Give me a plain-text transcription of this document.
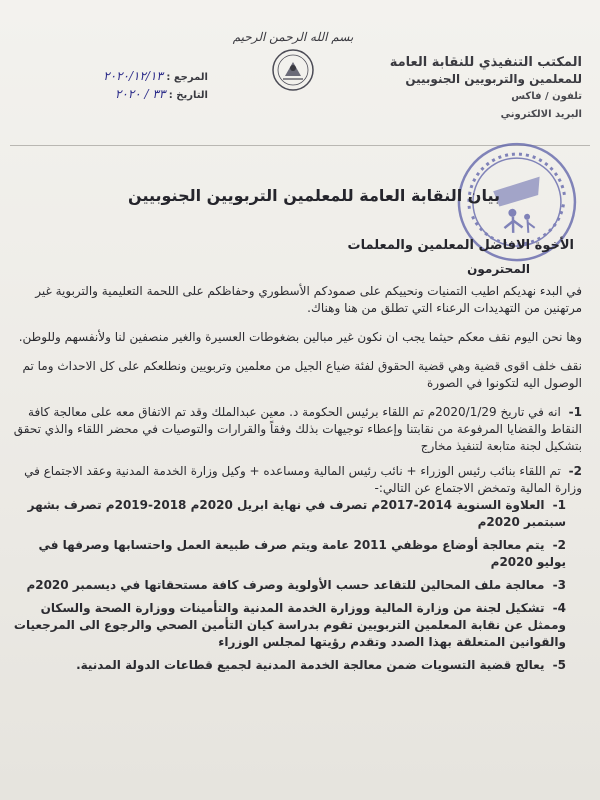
المكتب التنفيذي للنقابة العامة
للمعلمين والتربويين الجنوبيين
تلفون / فاكس
البريد الالكتروني
بسم الله الرحمن الرحيم
المرجع : ٢٠٢٠/١٢/١٣
التاريخ : ٣٣ / ٢٠٢٠
بيان النقابة العامة للمعلمين التربويين الجنوبيين
الأخوة الافاضل المعلمين والمعلمات
المحترمون

في البدء نهديكم اطيب التمنيات ونحييكم على صمودكم الأسطوري وحفاظكم على اللحمة التعليمية والتربوية غير مرتهنين من التهديدات الرعناء التي تطلق من هنا وهناك.

وها نحن اليوم نقف معكم حيثما يجب ان نكون غير مبالين بضغوطات العسيرة والغير منصفين لنا ولأنفسهم وللوطن.

نقف خلف اقوى قضية وهي قضية الحقوق لفئة ضياع الجيل من معلمين وتربويين ونطلعكم على كل الاحداث وما تم الوصول اليه لتكونوا في الصورة

1- انه في تاريخ 2020/1/29م تم اللقاء برئيس الحكومة د. معين عبدالملك وقد تم الاتفاق معه على معالجة كافة النقاط والقضايا المرفوعة من نقابتنا وإعطاء توجيهات بذلك وفقاً والقرارات والتوصيات في محضر اللقاء والذي تحقق بتشكيل لجنة متابعة لتنفيذ مخارج
2- تم اللقاء بنائب رئيس الوزراء + نائب رئيس المالية ومساعده + وكيل وزارة الخدمة المدنية وعقد الاجتماع في وزارة المالية وتمخض الاجتماع عن التالي:-
1- العلاوة السنوية 2014-2017م تصرف في نهاية ابريل 2020م 2018-2019م تصرف بشهر سبتمبر 2020م
2- يتم معالجة أوضاع موظفي 2011 عامة ويتم صرف طبيعة العمل واحتسابها وصرفها في يوليو 2020م
3- معالجة ملف المحالين للتقاعد حسب الأولوية وصرف كافة مستحقاتها في ديسمبر 2020م
4- تشكيل لجنة من وزارة المالية ووزارة الخدمة المدنية والتأمينات ووزارة الصحة والسكان وممثل عن نقابة المعلمين التربويين تقوم بدراسة كيان التأمين الصحي والرجوع الى المرجعيات والقوانين المتعلقة بهذا الصدد وتقدم رؤيتها لمجلس الوزراء
5- يعالج قضية التسويات ضمن معالجة الخدمة المدنية لجميع قطاعات الدولة المدنية.
